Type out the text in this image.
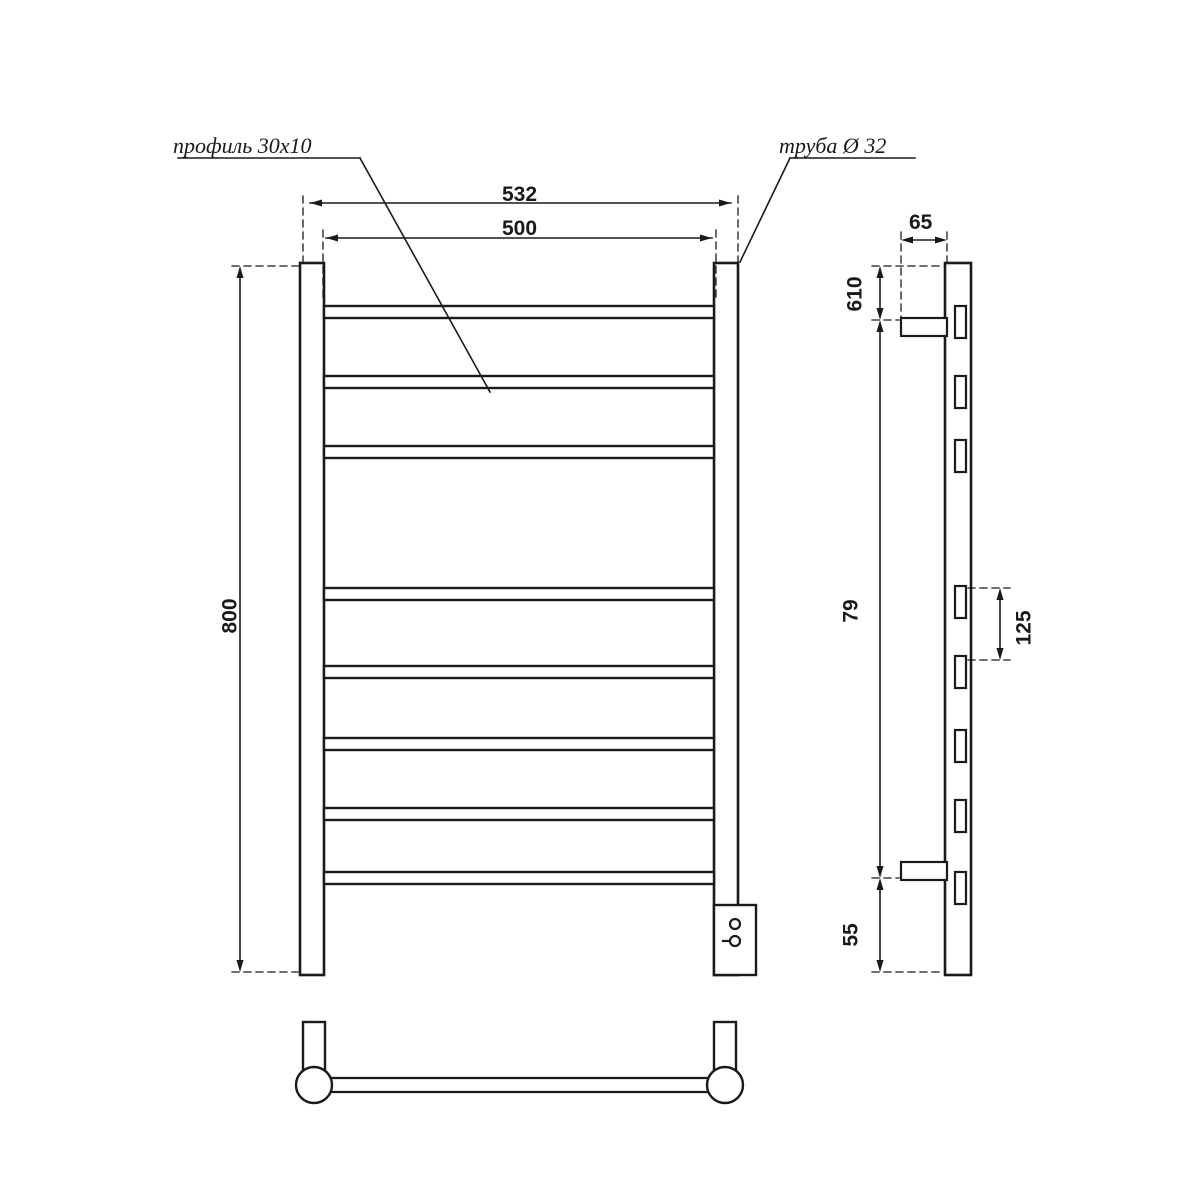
профиль 30x10	труба Ø 32
532
500	65
800
610
79	125
55
